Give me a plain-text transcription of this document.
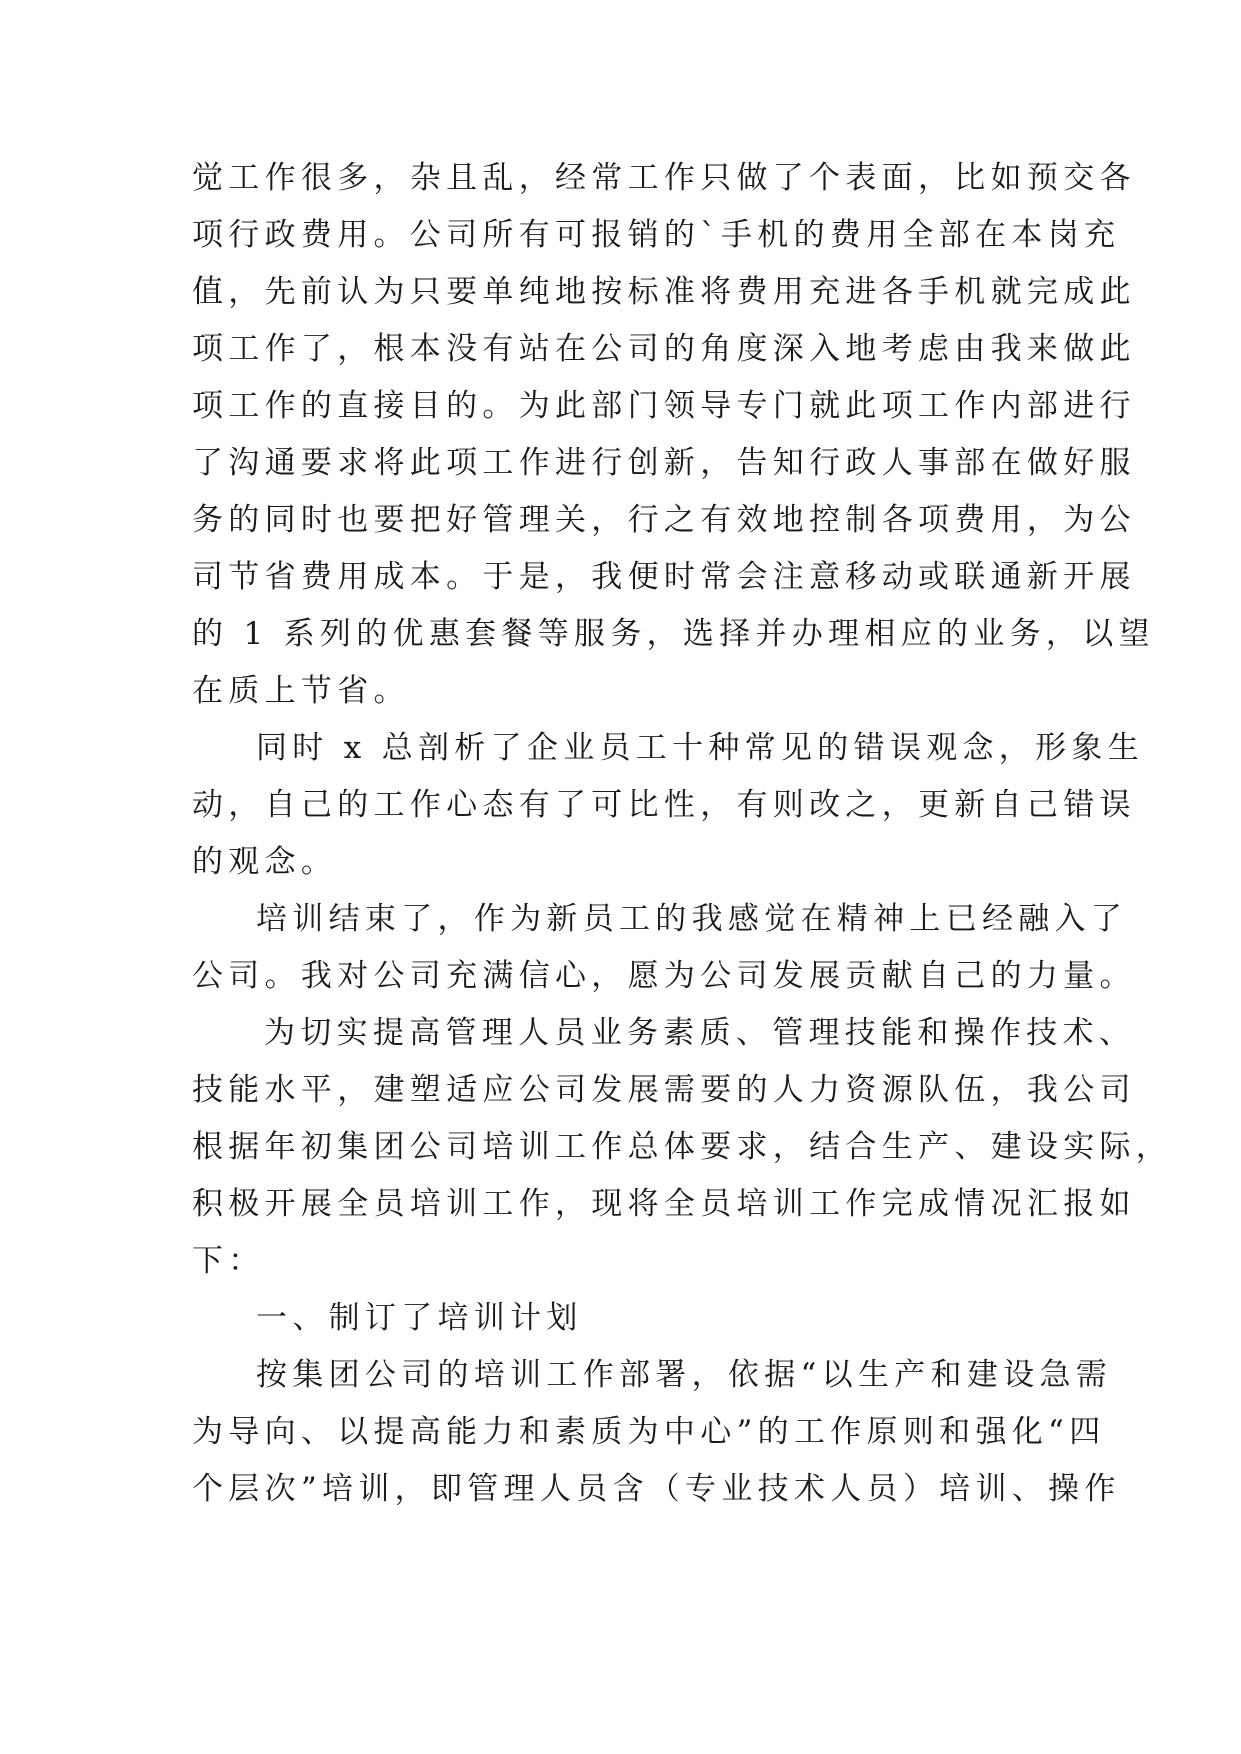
觉工作很多，杂且乱，经常工作只做了个表面，比如预交各
项行政费用。公司所有可报销的`手机的费用全部在本岗充
值，先前认为只要单纯地按标准将费用充进各手机就完成此
项工作了，根本没有站在公司的角度深入地考虑由我来做此
项工作的直接目的。为此部门领导专门就此项工作内部进行
了沟通要求将此项工作进行创新，告知行政人事部在做好服
务的同时也要把好管理关，行之有效地控制各项费用，为公
司节省费用成本。于是，我便时常会注意移动或联通新开展
的 1 系列的优惠套餐等服务，选择并办理相应的业务，以望
在质上节省。
同时 x 总剖析了企业员工十种常见的错误观念，形象生
动，自己的工作心态有了可比性，有则改之，更新自己错误
的观念。
培训结束了，作为新员工的我感觉在精神上已经融入了
公司。我对公司充满信心，愿为公司发展贡献自己的力量。
为切实提高管理人员业务素质、管理技能和操作技术、
技能水平，建塑适应公司发展需要的人力资源队伍，我公司
根据年初集团公司培训工作总体要求，结合生产、建设实际，
积极开展全员培训工作，现将全员培训工作完成情况汇报如
下：
一、制订了培训计划
按集团公司的培训工作部署，依据“以生产和建设急需
为导向、以提高能力和素质为中心”的工作原则和强化“四
个层次”培训，即管理人员含（专业技术人员）培训、操作
